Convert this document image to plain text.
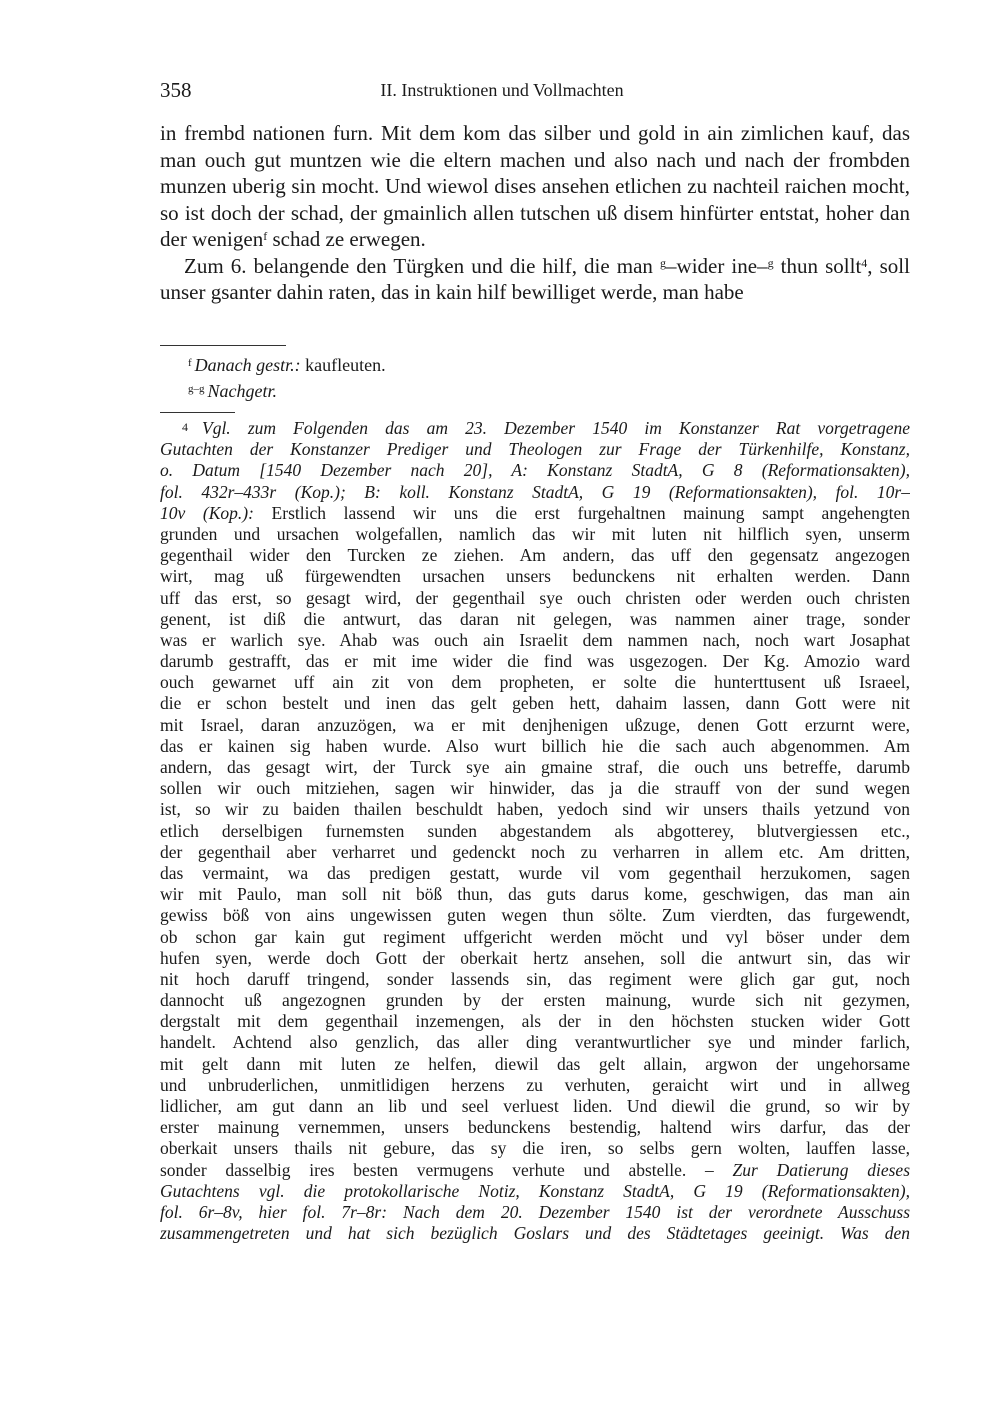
358	II. Instruktionen und Vollmachten

in frembd nationen furn. Mit dem kom das silber und gold in ain zimlichen kauf, das man ouch gut muntzen wie die eltern machen und also nach und nach der frombden munzen uberig sin mocht. Und wiewol dises ansehen etlichen zu nachteil raichen mocht, so ist doch der schad, der gmainlich allen tutschen uß disem hinfürter entstat, hoher dan der wenigen$^f$ schad ze erwegen.

Zum 6. belangende den Türgken und die hilf, die man $^g$–wider ine–$^g$ thun sollt$^4$, soll unser gsanter dahin raten, das in kain hilf bewilliget werde, man habe

$^f$ Danach gestr.: kaufleuten.
$^{g-g}$ Nachgetr.
$^4$ Vgl. zum Folgenden das am 23. Dezember 1540 im Konstanzer Rat vorgetragene
Gutachten der Konstanzer Prediger und Theologen zur Frage der Türkenhilfe, Konstanz,
o. Datum [1540 Dezember nach 20], A: Konstanz StadtA, G 8 (Reformationsakten),
fol. 432r–433r (Kop.); B: koll. Konstanz StadtA, G 19 (Reformationsakten), fol. 10r–
10v (Kop.): Erstlich lassend wir uns die erst furgehaltnen mainung sampt angehengten
grunden und ursachen wolgefallen, namlich das wir mit luten nit hilflich syen, unserm
gegenthail wider den Turcken ze ziehen. Am andern, das uff den gegensatz angezogen
wirt, mag uß fürgewendten ursachen unsers bedunckens nit erhalten werden. Dann
uff das erst, so gesagt wird, der gegenthail sye ouch christen oder werden ouch christen
genent, ist diß die antwurt, das daran nit gelegen, was nammen ainer trage, sonder
was er warlich sye. Ahab was ouch ain Israelit dem nammen nach, noch wart Josaphat
darumb gestrafft, das er mit ime wider die find was usgezogen. Der Kg. Amozio ward
ouch gewarnet uff ain zit von dem propheten, er solte die hunterttusent uß Israeel,
die er schon bestelt und inen das gelt geben hett, dahaim lassen, dann Gott were nit
mit Israel, daran anzuzögen, wa er mit denjhenigen ußzuge, denen Gott erzurnt were,
das er kainen sig haben wurde. Also wurt billich hie die sach auch abgenommen. Am
andern, das gesagt wirt, der Turck sye ain gmaine straf, die ouch uns betreffe, darumb
sollen wir ouch mitziehen, sagen wir hinwider, das ja die strauff von der sund wegen
ist, so wir zu baiden thailen beschuldt haben, yedoch sind wir unsers thails yetzund von
etlich derselbigen furnemsten sunden abgestandem als abgotterey, blutvergiessen etc.,
der gegenthail aber verharret und gedenckt noch zu verharren in allem etc. Am dritten,
das vermaint, wa das predigen gestatt, wurde vil vom gegenthail herzukomen, sagen
wir mit Paulo, man soll nit böß thun, das guts darus kome, geschwigen, das man ain
gewiss böß von ains ungewissen guten wegen thun sölte. Zum vierdten, das furgewendt,
ob schon gar kain gut regiment uffgericht werden möcht und vyl böser under dem
hufen syen, werde doch Gott der oberkait hertz ansehen, soll die antwurt sin, das wir
nit hoch daruff tringend, sonder lassends sin, das regiment were glich gar gut, noch
dannocht uß angezognen grunden by der ersten mainung, wurde sich nit gezymen,
dergstalt mit dem gegenthail inzemengen, als der in den höchsten stucken wider Gott
handelt. Achtend also genzlich, das aller ding verantwurtlicher sye und minder farlich,
mit gelt dann mit luten ze helfen, diewil das gelt allain, argwon der ungehorsame
und unbruderlichen, unmitlidigen herzens zu verhuten, geraicht wirt und in allweg
lidlicher, am gut dann an lib und seel verluest liden. Und diewil die grund, so wir by
erster mainung vernemmen, unsers bedunckens bestendig, haltend wirs darfur, das der
oberkait unsers thails nit gebure, das sy die iren, so selbs gern wolten, lauffen lasse,
sonder dasselbig ires besten vermugens verhute und abstelle. – Zur Datierung dieses
Gutachtens vgl. die protokollarische Notiz, Konstanz StadtA, G 19 (Reformationsakten),
fol. 6r–8v, hier fol. 7r–8r: Nach dem 20. Dezember 1540 ist der verordnete Ausschuss
zusammengetreten und hat sich bezüglich Goslars und des Städtetages geeinigt. Was den
